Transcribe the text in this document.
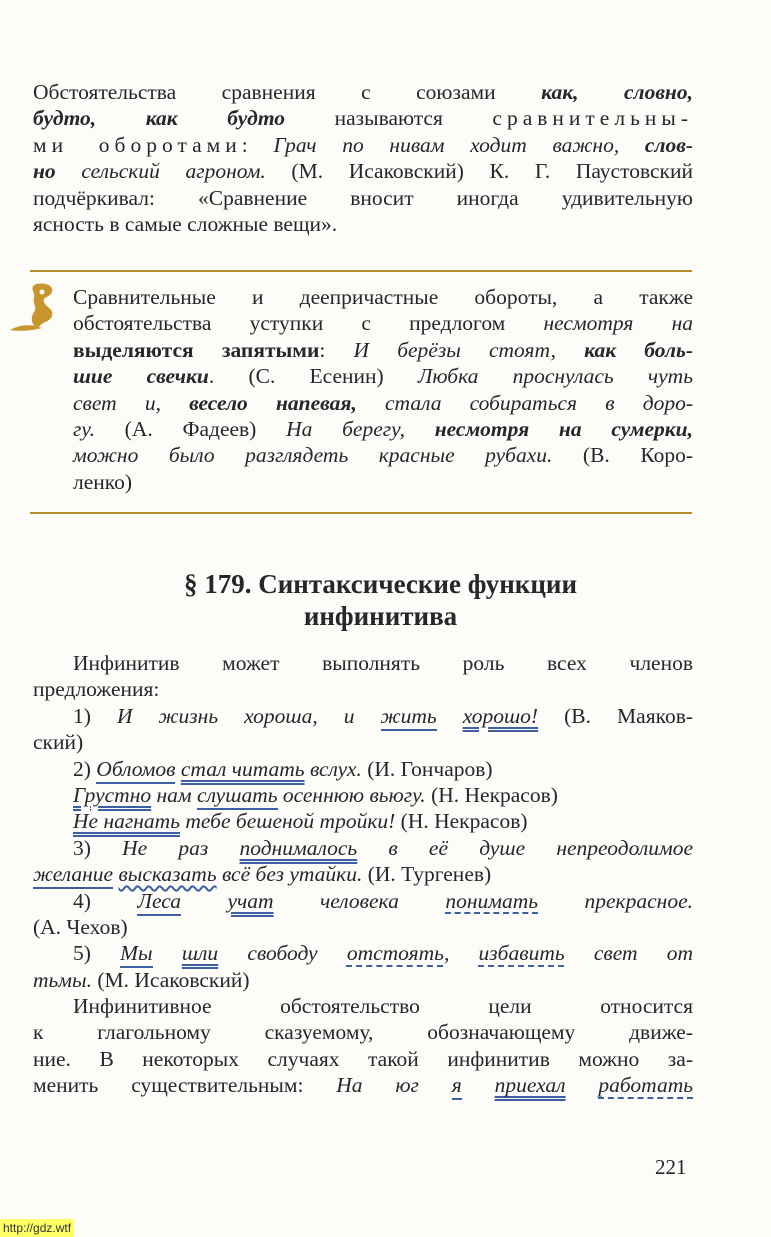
Обстоятельства сравнения с союзами как, словно,
будто, как будто называются сравнительны-
ми оборотами: Грач по нивам ходит важно, слов-
но сельский агроном. (М. Исаковский) К. Г. Паустовский
подчёркивал: «Сравнение вносит иногда удивительную
ясность в самые сложные вещи».
Сравнительные и деепричастные обороты, а также
обстоятельства уступки с предлогом несмотря на
выделяются запятыми: И берёзы стоят, как боль-
шие свечки. (С. Есенин) Любка проснулась чуть
свет и, весело напевая, стала собираться в доро-
гу. (А. Фадеев) На берегу, несмотря на сумерки,
можно было разглядеть красные рубахи. (В. Коро-
ленко)
§ 179. Синтаксические функции
инфинитива
Инфинитив может выполнять роль всех членов
предложения:
1) И жизнь хороша, и жить хорошо! (В. Маяков-
ский)
2) Обломов стал читать вслух. (И. Гончаров)
Грустно нам слушать осеннюю вьюгу. (Н. Некрасов)
Не нагнать тебе бешеной тройки! (Н. Некрасов)
3) Не раз поднималось в её душе непреодолимое
желание высказать всё без утайки. (И. Тургенев)
4) Леса учат человека понимать прекрасное.
(А. Чехов)
5) Мы шли свободу отстоять, избавить свет от
тьмы. (М. Исаковский)
Инфинитивное обстоятельство цели относится
к глагольному сказуемому, обозначающему движе-
ние. В некоторых случаях такой инфинитив можно за-
менить существительным: На юг я приехал работать
221
http://gdz.wtf
